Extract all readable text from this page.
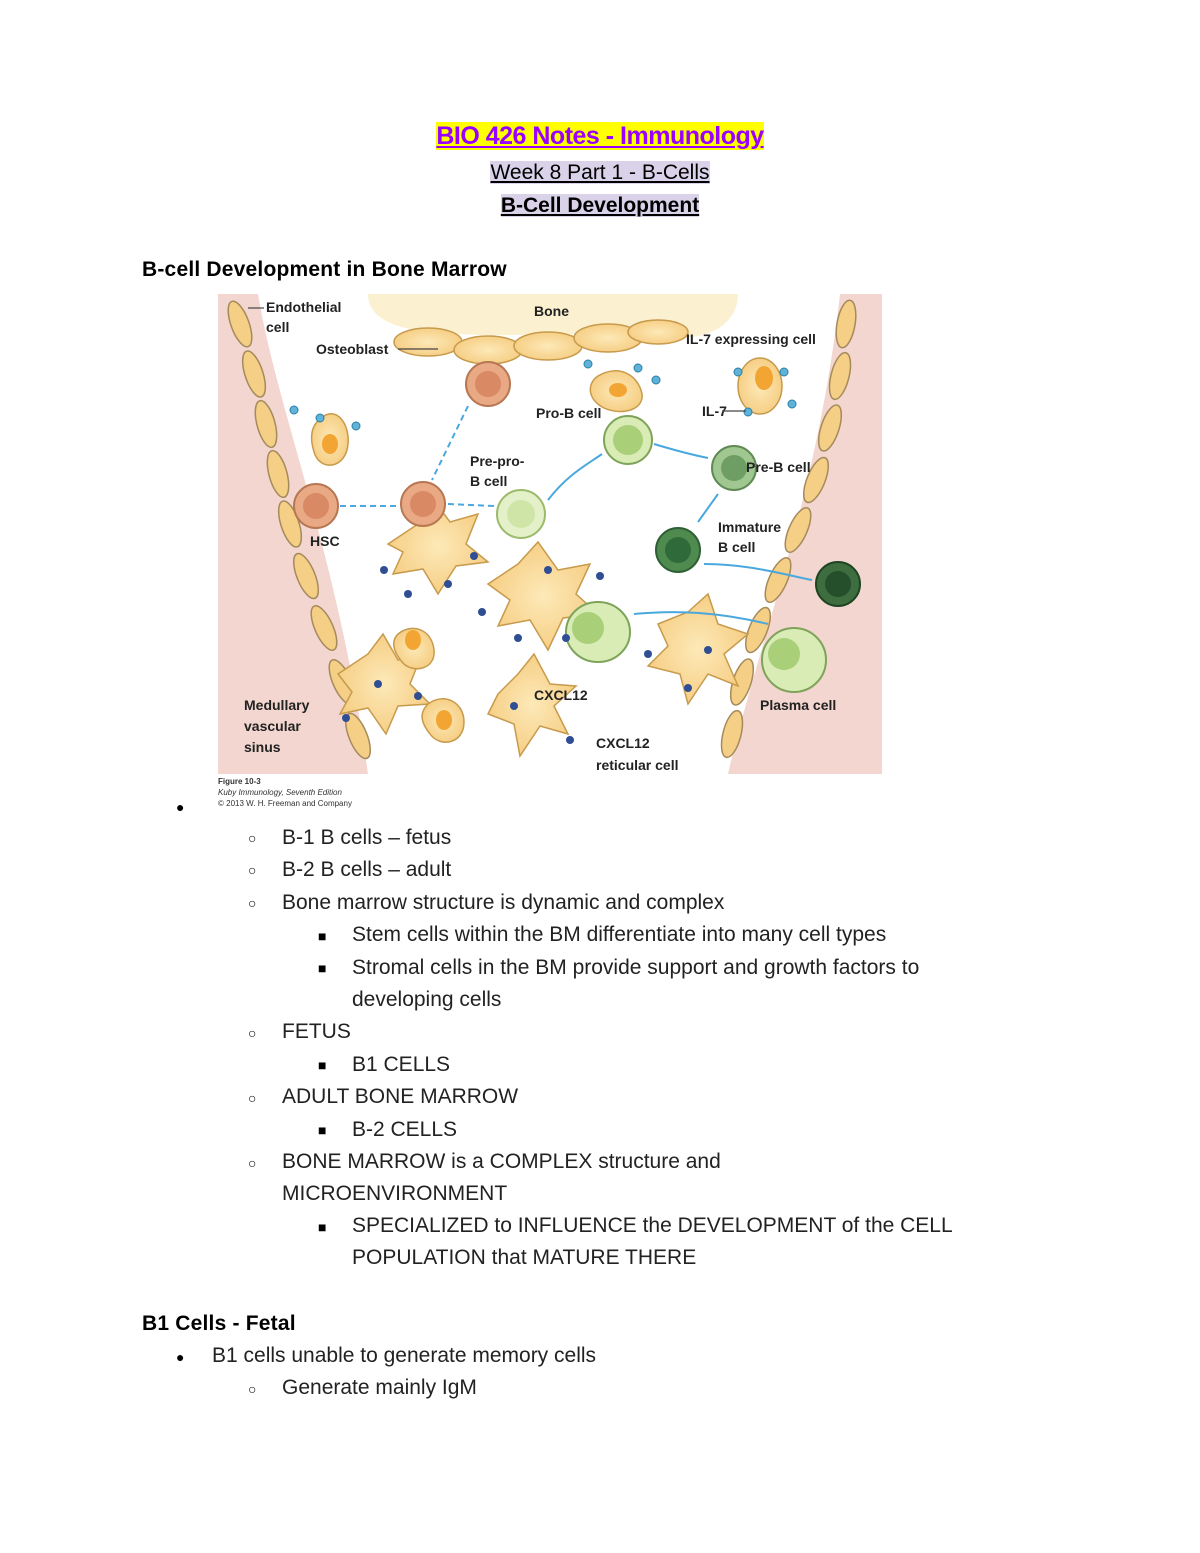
BIO 426 Notes - Immunology
Week 8 Part 1 - B-Cells
B-Cell Development
B-cell Development in Bone Marrow
Endothelial
cell
Bone
Osteoblast
IL-7 expressing cell
Pro-B cell	IL-7
Pre-pro-
B cell
Pre-B cell
Immature
B cell
HSC
Medullary
vascular
sinus
CXCL12
CXCL12
reticular cell
Plasma cell
Figure 10-3
Kuby Immunology, Seventh Edition
© 2013 W. H. Freeman and Company
●
○ B-1 B cells – fetus
○ B-2 B cells – adult
○ Bone marrow structure is dynamic and complex
■ Stem cells within the BM differentiate into many cell types
■ Stromal cells in the BM provide support and growth factors to
developing cells
○ FETUS
■ B1 CELLS
○ ADULT BONE MARROW
■ B-2 CELLS
○ BONE MARROW is a COMPLEX structure and
MICROENVIRONMENT
■ SPECIALIZED to INFLUENCE the DEVELOPMENT of the CELL
POPULATION that MATURE THERE
B1 Cells - Fetal
● B1 cells unable to generate memory cells
○ Generate mainly IgM
